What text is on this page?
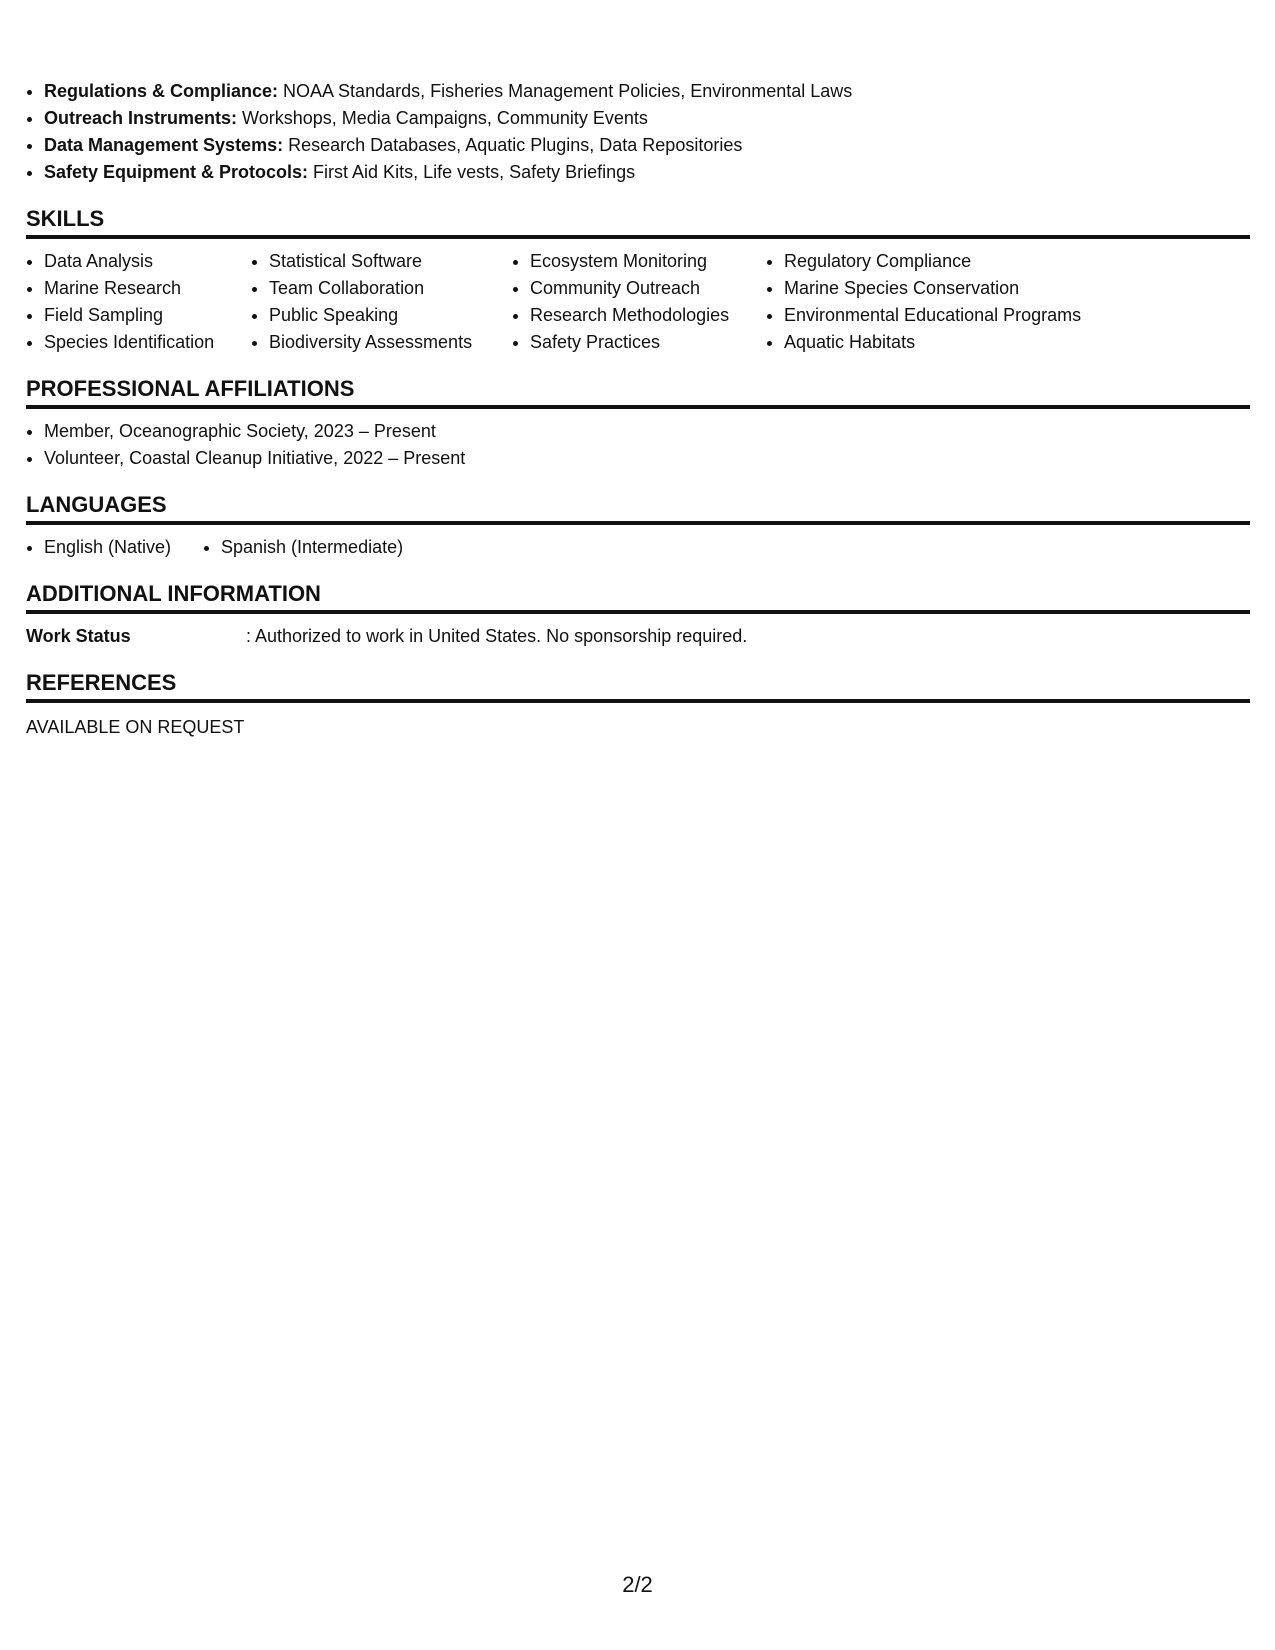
• Regulations & Compliance: NOAA Standards, Fisheries Management Policies, Environmental Laws
• Outreach Instruments: Workshops, Media Campaigns, Community Events
• Data Management Systems: Research Databases, Aquatic Plugins, Data Repositories
• Safety Equipment & Protocols: First Aid Kits, Life vests, Safety Briefings
SKILLS
• Data Analysis
• Marine Research
• Field Sampling
• Species Identification
• Statistical Software
• Team Collaboration
• Public Speaking
• Biodiversity Assessments
• Ecosystem Monitoring
• Community Outreach
• Research Methodologies
• Safety Practices
• Regulatory Compliance
• Marine Species Conservation
• Environmental Educational Programs
• Aquatic Habitats
PROFESSIONAL AFFILIATIONS
• Member, Oceanographic Society, 2023 – Present
• Volunteer, Coastal Cleanup Initiative, 2022 – Present
LANGUAGES
• English (Native)
•	Spanish (Intermediate)
ADDITIONAL INFORMATION
Work Status	: Authorized to work in United States. No sponsorship required.
REFERENCES
AVAILABLE ON REQUEST
2/2
